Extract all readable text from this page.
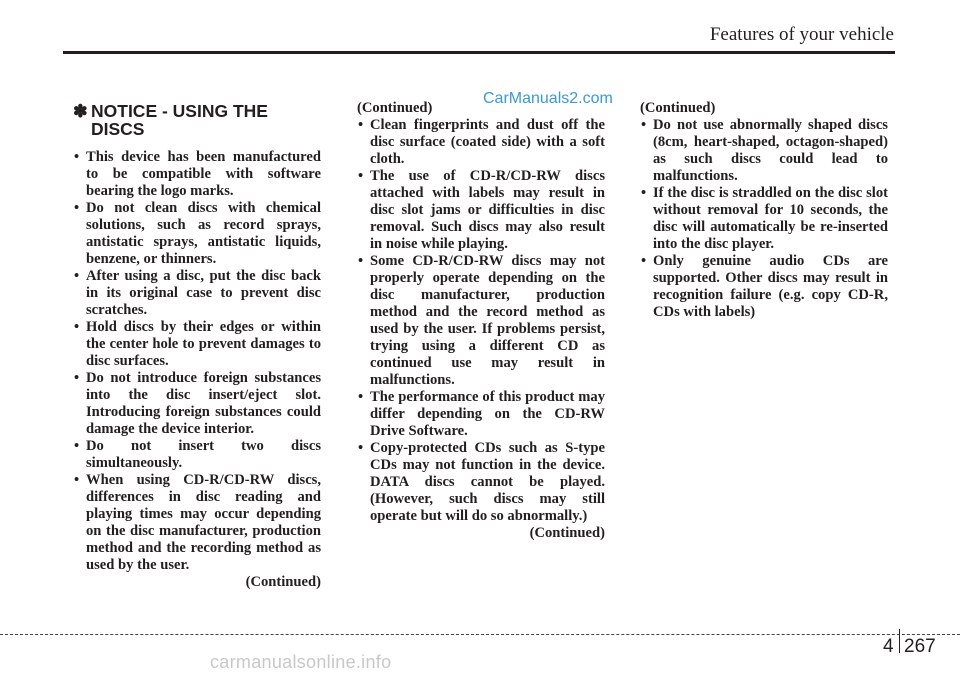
Features of your vehicle
CarManuals2.com
✽ NOTICE - USING THE
DISCS
• This device has been manufactured to be compatible with software bearing the logo marks.
• Do not clean discs with chemical solutions, such as record sprays, antistatic sprays, antistatic liquids, benzene, or thinners.
• After using a disc, put the disc back in its original case to prevent disc scratches.
• Hold discs by their edges or within the center hole to prevent damages to disc surfaces.
• Do not introduce foreign substances into the disc insert/eject slot. Introducing foreign substances could damage the device interior.
• Do not insert two discs simultaneously.
• When using CD-R/CD-RW discs, differences in disc reading and playing times may occur depending on the disc manufacturer, production method and the recording method as used by the user.
(Continued)
(Continued)
• Clean fingerprints and dust off the disc surface (coated side) with a soft cloth.
• The use of CD-R/CD-RW discs attached with labels may result in disc slot jams or difficulties in disc removal. Such discs may also result in noise while playing.
• Some CD-R/CD-RW discs may not properly operate depending on the disc manufacturer, production method and the record method as used by the user. If problems persist, trying using a different CD as continued use may result in malfunctions.
• The performance of this product may differ depending on the CD-RW Drive Software.
• Copy-protected CDs such as S-type CDs may not function in the device. DATA discs cannot be played. (However, such discs may still operate but will do so abnormally.)
(Continued)
(Continued)
• Do not use abnormally shaped discs (8cm, heart-shaped, octagon-shaped) as such discs could lead to malfunctions.
• If the disc is straddled on the disc slot without removal for 10 seconds, the disc will automatically be re-inserted into the disc player.
• Only genuine audio CDs are supported. Other discs may result in recognition failure (e.g. copy CD-R, CDs with labels)
4 267
carmanualsonline.info
